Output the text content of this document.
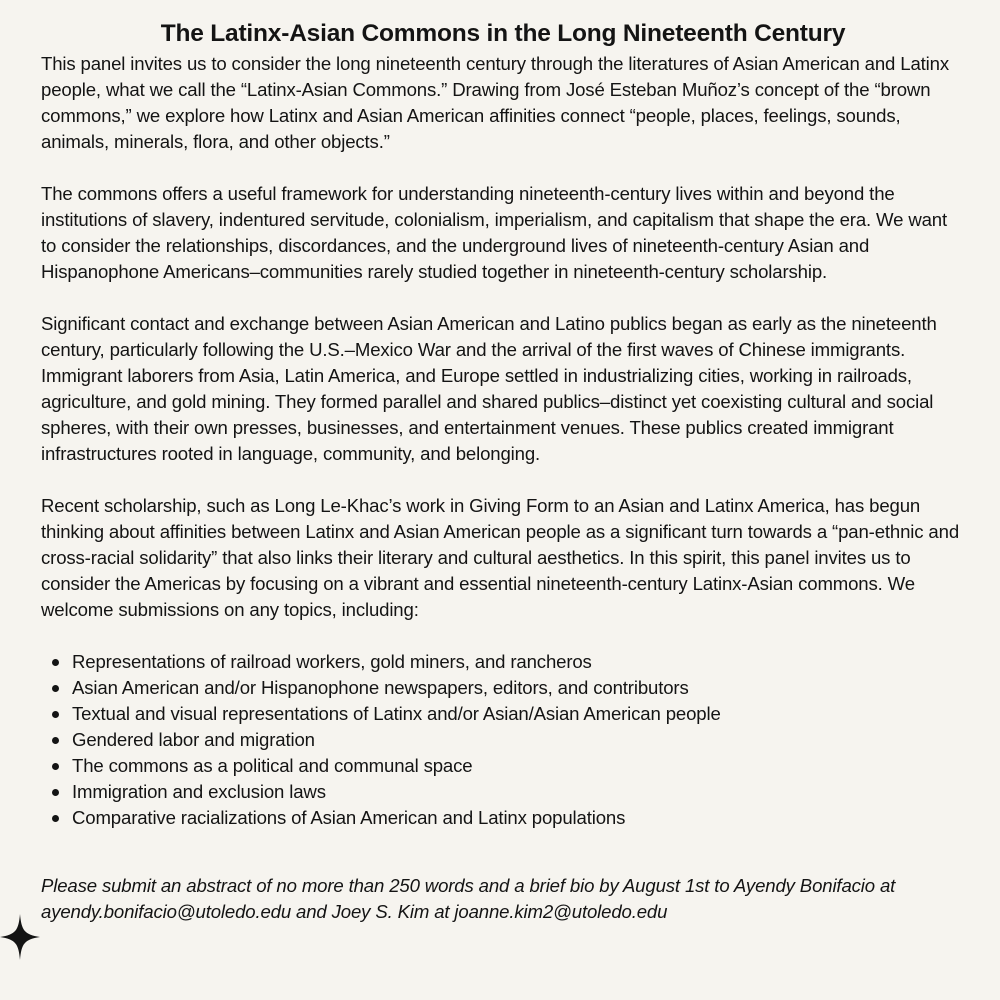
The Latinx-Asian Commons in the Long Nineteenth Century

This panel invites us to consider the long nineteenth century through the literatures of Asian American and Latinx people, what we call the “Latinx-Asian Commons.” Drawing from José Esteban Muñoz’s concept of the “brown commons,” we explore how Latinx and Asian American affinities connect “people, places, feelings, sounds, animals, minerals, flora, and other objects.”

The commons offers a useful framework for understanding nineteenth-century lives within and beyond the institutions of slavery, indentured servitude, colonialism, imperialism, and capitalism that shape the era. We want to consider the relationships, discordances, and the underground lives of nineteenth-century Asian and Hispanophone Americans–communities rarely studied together in nineteenth-century scholarship.

Significant contact and exchange between Asian American and Latino publics began as early as the nineteenth century, particularly following the U.S.–Mexico War and the arrival of the first waves of Chinese immigrants. Immigrant laborers from Asia, Latin America, and Europe settled in industrializing cities, working in railroads, agriculture, and gold mining. They formed parallel and shared publics–distinct yet coexisting cultural and social spheres, with their own presses, businesses, and entertainment venues. These publics created immigrant infrastructures rooted in language, community, and belonging.

Recent scholarship, such as Long Le-Khac’s work in Giving Form to an Asian and Latinx America, has begun thinking about affinities between Latinx and Asian American people as a significant turn towards a “pan-ethnic and cross-racial solidarity” that also links their literary and cultural aesthetics. In this spirit, this panel invites us to consider the Americas by focusing on a vibrant and essential nineteenth-century Latinx-Asian commons. We welcome submissions on any topics, including:

Representations of railroad workers, gold miners, and rancheros
Asian American and/or Hispanophone newspapers, editors, and contributors
Textual and visual representations of Latinx and/or Asian/Asian American people
Gendered labor and migration
The commons as a political and communal space
Immigration and exclusion laws
Comparative racializations of Asian American and Latinx populations

Please submit an abstract of no more than 250 words and a brief bio by August 1st to Ayendy Bonifacio at ayendy.bonifacio@utoledo.edu and Joey S. Kim at joanne.kim2@utoledo.edu
